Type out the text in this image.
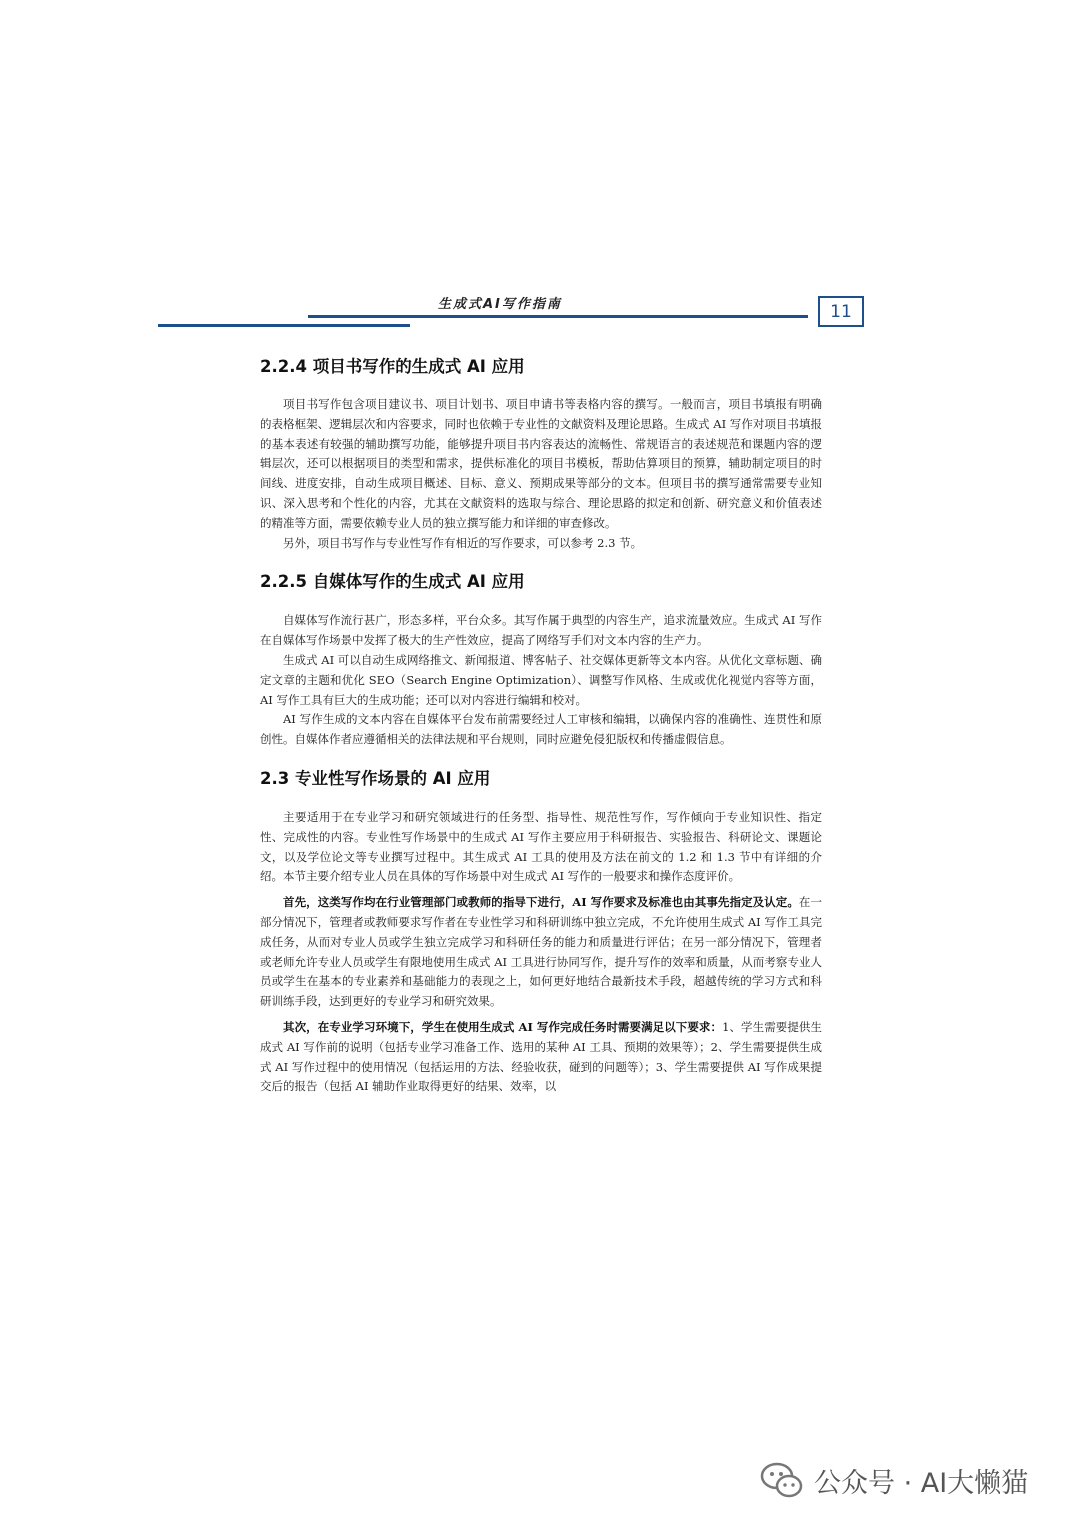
生成式AI写作指南	11
2.2.4 项目书写作的生成式 AI 应用

项目书写作包含项目建议书、项目计划书、项目申请书等表格内容的撰写。一般而言，项目书填报有明确的表格框架、逻辑层次和内容要求，同时也依赖于专业性的文献资料及理论思路。生成式 AI 写作对项目书填报的基本表述有较强的辅助撰写功能，能够提升项目书内容表达的流畅性、常规语言的表述规范和课题内容的逻辑层次，还可以根据项目的类型和需求，提供标准化的项目书模板，帮助估算项目的预算，辅助制定项目的时间线、进度安排，自动生成项目概述、目标、意义、预期成果等部分的文本。但项目书的撰写通常需要专业知识、深入思考和个性化的内容，尤其在文献资料的选取与综合、理论思路的拟定和创新、研究意义和价值表述的精准等方面，需要依赖专业人员的独立撰写能力和详细的审查修改。

另外，项目书写作与专业性写作有相近的写作要求，可以参考 2.3 节。

2.2.5 自媒体写作的生成式 AI 应用

自媒体写作流行甚广，形态多样，平台众多。其写作属于典型的内容生产，追求流量效应。生成式 AI 写作在自媒体写作场景中发挥了极大的生产性效应，提高了网络写手们对文本内容的生产力。

生成式 AI 可以自动生成网络推文、新闻报道、博客帖子、社交媒体更新等文本内容。从优化文章标题、确定文章的主题和优化 SEO（Search Engine Optimization）、调整写作风格、生成或优化视觉内容等方面，AI 写作工具有巨大的生成功能；还可以对内容进行编辑和校对。

AI 写作生成的文本内容在自媒体平台发布前需要经过人工审核和编辑，以确保内容的准确性、连贯性和原创性。自媒体作者应遵循相关的法律法规和平台规则，同时应避免侵犯版权和传播虚假信息。

2.3 专业性写作场景的 AI 应用

主要适用于在专业学习和研究领域进行的任务型、指导性、规范性写作，写作倾向于专业知识性、指定性、完成性的内容。专业性写作场景中的生成式 AI 写作主要应用于科研报告、实验报告、科研论文、课题论文，以及学位论文等专业撰写过程中。其生成式 AI 工具的使用及方法在前文的 1.2 和 1.3 节中有详细的介绍。本节主要介绍专业人员在具体的写作场景中对生成式 AI 写作的一般要求和操作态度评价。

首先，这类写作均在行业管理部门或教师的指导下进行，AI 写作要求及标准也由其事先指定及认定。在一部分情况下，管理者或教师要求写作者在专业性学习和科研训练中独立完成，不允许使用生成式 AI 写作工具完成任务，从而对专业人员或学生独立完成学习和科研任务的能力和质量进行评估；在另一部分情况下，管理者或老师允许专业人员或学生有限地使用生成式 AI 工具进行协同写作，提升写作的效率和质量，从而考察专业人员或学生在基本的专业素养和基础能力的表现之上，如何更好地结合最新技术手段，超越传统的学习方式和科研训练手段，达到更好的专业学习和研究效果。

其次，在专业学习环境下，学生在使用生成式 AI 写作完成任务时需要满足以下要求：1、学生需要提供生成式 AI 写作前的说明（包括专业学习准备工作、选用的某种 AI 工具、预期的效果等）；2、学生需要提供生成式 AI 写作过程中的使用情况（包括运用的方法、经验收获，碰到的问题等）；3、学生需要提供 AI 写作成果提交后的报告（包括 AI 辅助作业取得更好的结果、效率，以

公众号 · AI大懒猫
